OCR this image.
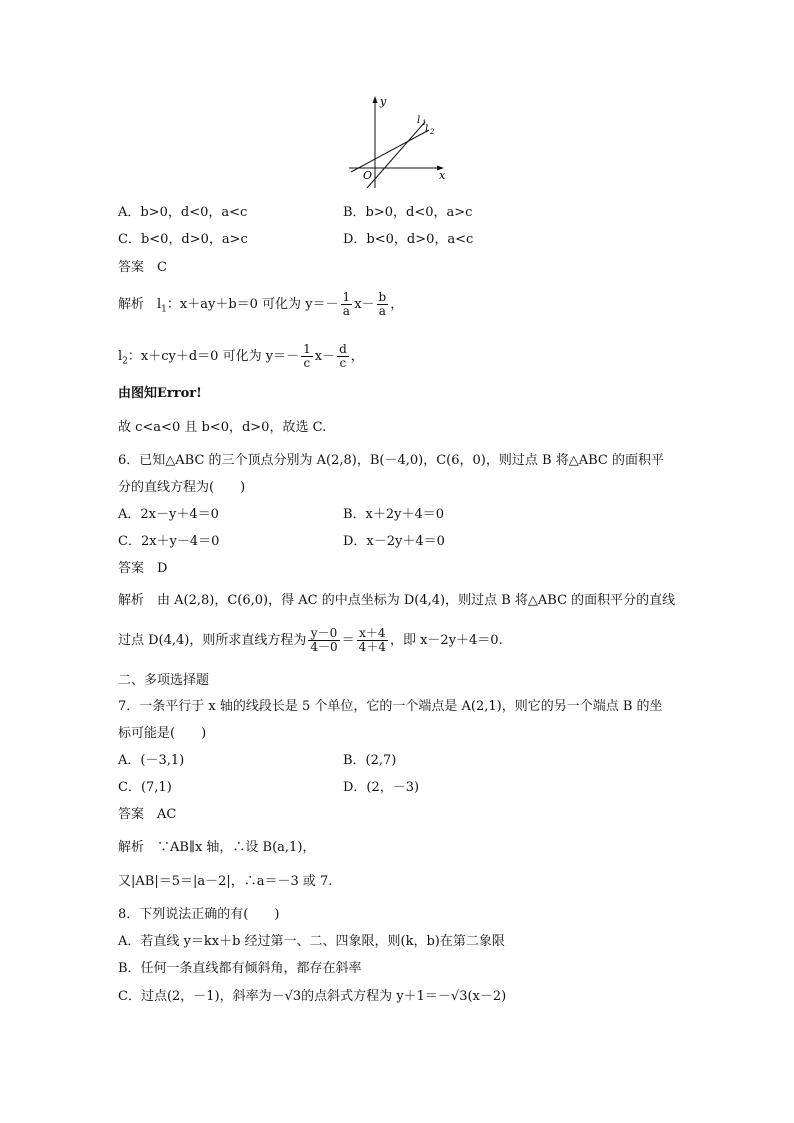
y
x
O
l 1
l 2
A．b>0，d<0，a<c	B．b>0，d<0，a>c
C．b<0，d>0，a>c	D．b<0，d>0，a<c
答案　C
解析　$l_1$：x＋ay＋b＝0 可化为 $y=- \frac{1}{a} x- \frac{b}{a}$ ，
$l_2$：x＋cy＋d＝0 可化为 $y=- \frac{1}{c} x- \frac{d}{c}$ ，
由图知Error!
故 c<a<0 且 b<0，d>0，故选 C.
6．已知△ABC 的三个顶点分别为 A(2,8)，B(－4,0)，C(6，0)，则过点 B 将△ABC 的面积平
分的直线方程为(　　)
A．2x－y＋4＝0	B．x＋2y＋4＝0
C．2x＋y－4＝0	D．x－2y＋4＝0
答案　D
解析　由 A(2,8)，C(6,0)，得 AC 的中点坐标为 D(4,4)，则过点 B 将△ABC 的面积平分的直线
过点 D(4,4)，则所求直线方程为 $\frac{y-0}{4-0} = \frac{x+4}{4+4}$ ，即 x－2y＋4＝0.
二、多项选择题
7．一条平行于 x 轴的线段长是 5 个单位，它的一个端点是 A(2,1)，则它的另一个端点 B 的坐
标可能是(　　)
A．(－3,1)	B．(2,7)
C．(7,1)	D．(2，－3)
答案　AC
解析　∵AB∥x 轴，∴设 B(a,1)，
又|AB|＝5＝|a－2|，∴a＝－3 或 7.
8．下列说法正确的有(　　)
A．若直线 y＝kx＋b 经过第一、二、四象限，则(k，b)在第二象限
B．任何一条直线都有倾斜角，都存在斜率
C．过点(2，－1)，斜率为－√3的点斜式方程为 y＋1＝－√3(x－2)
